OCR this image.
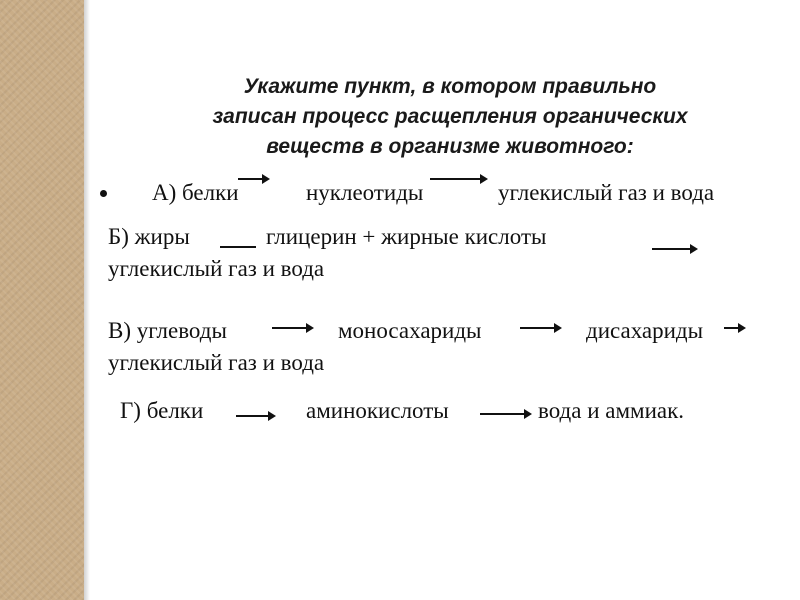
Укажите пункт, в котором правильно
записан процесс расщепления органических
веществ в организме животного:

А) белки	нуклеотиды	углекислый газ и вода
Б) жиры	глицерин + жирные кислоты
углекислый газ и вода
В) углеводы	моносахариды	дисахариды
углекислый газ и вода
Г) белки	аминокислоты	вода и аммиак.
